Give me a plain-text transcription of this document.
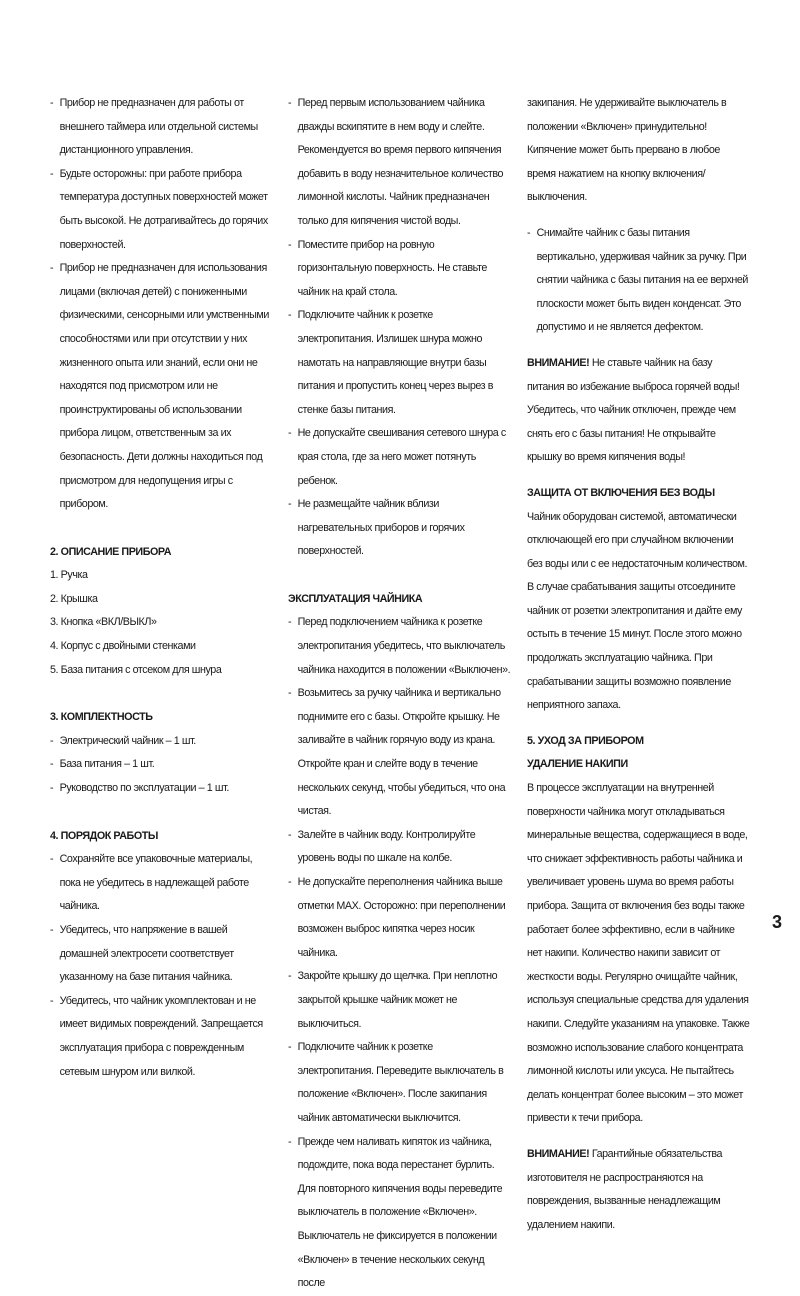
- Прибор не предназначен для работы от внешнего таймера или отдельной системы дистанционного управления.

- Будьте осторожны: при работе прибора температура доступных поверхностей может быть высокой. Не дотрагивайтесь до горячих поверхностей.

- Прибор не предназначен для использования лицами (включая детей) с пониженными физическими, сенсорными или умственными способностями или при отсутствии у них жизненного опыта или знаний, если они не находятся под присмотром или не проинструктированы об использовании прибора лицом, ответственным за их безопасность. Дети должны находиться под присмотром для недопущения игры с прибором.

2. ОПИСАНИЕ ПРИБОРА

1. Ручка

2. Крышка

3. Кнопка «ВКЛ/ВЫКЛ»

4. Корпус с двойными стенками

5. База питания с отсеком для шнура

3. КОМПЛЕКТНОСТЬ

- Электрический чайник – 1 шт.

- База питания – 1 шт.

- Руководство по эксплуатации – 1 шт.

4. ПОРЯДОК РАБОТЫ

- Сохраняйте все упаковочные материалы, пока не убедитесь в надлежащей работе чайника.

- Убедитесь, что напряжение в вашей домашней электросети соответствует указанному на базе питания чайника.

- Убедитесь, что чайник укомплектован и не имеет видимых повреждений. Запрещается эксплуатация прибора с поврежденным сетевым шнуром или вилкой.

- Перед первым использованием чайника дважды вскипятите в нем воду и слейте. Рекомендуется во время первого кипячения добавить в воду незначительное количество лимонной кислоты. Чайник предназначен только для кипячения чистой воды.

- Поместите прибор на ровную горизонтальную поверхность. Не ставьте чайник на край стола.

- Подключите чайник к розетке электропитания. Излишек шнура можно намотать на направляющие внутри базы питания и пропустить конец через вырез в стенке базы питания.

- Не допускайте свешивания сетевого шнура с края стола, где за него может потянуть ребенок.

- Не размещайте чайник вблизи нагревательных приборов и горячих поверхностей.

ЭКСПЛУАТАЦИЯ ЧАЙНИКА

- Перед подключением чайника к розетке электропитания убедитесь, что выключатель чайника находится в положении «Выключен».

- Возьмитесь за ручку чайника и вертикально поднимите его с базы. Откройте крышку. Не заливайте в чайник горячую воду из крана. Откройте кран и слейте воду в течение нескольких секунд, чтобы убедиться, что она чистая.

- Залейте в чайник воду. Контролируйте уровень воды по шкале на колбе.

- Не допускайте переполнения чайника выше отметки MAX. Осторожно: при переполнении возможен выброс кипятка через носик чайника.

- Закройте крышку до щелчка. При неплотно закрытой крышке чайник может не выключиться.

- Подключите чайник к розетке электропитания. Переведите выключатель в положение «Включен». После закипания чайник автоматически выключится.

- Прежде чем наливать кипяток из чайника, подождите, пока вода перестанет бурлить. Для повторного кипячения воды переведите выключатель в положение «Включен». Выключатель не фиксируется в положении «Включен» в течение нескольких секунд после

закипания. Не удерживайте выключатель в положении «Включен» принудительно! Кипячение может быть прервано в любое время нажатием на кнопку включения/выключения.

- Снимайте чайник с базы питания вертикально, удерживая чайник за ручку. При снятии чайника с базы питания на ее верхней плоскости может быть виден конденсат. Это допустимо и не является дефектом.

ВНИМАНИЕ! Не ставьте чайник на базу питания во избежание выброса горячей воды! Убедитесь, что чайник отключен, прежде чем снять его с базы питания! Не открывайте крышку во время кипячения воды!

ЗАЩИТА ОТ ВКЛЮЧЕНИЯ БЕЗ ВОДЫ

Чайник оборудован системой, автоматически отключающей его при случайном включении без воды или с ее недостаточным количеством. В случае срабатывания защиты отсоедините чайник от розетки электропитания и дайте ему остыть в течение 15 минут. После этого можно продолжать эксплуатацию чайника. При срабатывании защиты возможно появление неприятного запаха.

5. УХОД ЗА ПРИБОРОМ

УДАЛЕНИЕ НАКИПИ

В процессе эксплуатации на внутренней поверхности чайника могут откладываться минеральные вещества, содержащиеся в воде, что снижает эффективность работы чайника и увеличивает уровень шума во время работы прибора. Защита от включения без воды также работает более эффективно, если в чайнике нет накипи. Количество накипи зависит от жесткости воды. Регулярно очищайте чайник, используя специальные средства для удаления накипи. Следуйте указаниям на упаковке. Также возможно использование слабого концентрата лимонной кислоты или уксуса. Не пытайтесь делать концентрат более высоким – это может привести к течи прибора.

ВНИМАНИЕ! Гарантийные обязательства изготовителя не распространяются на повреждения, вызванные ненадлежащим удалением накипи.

3
